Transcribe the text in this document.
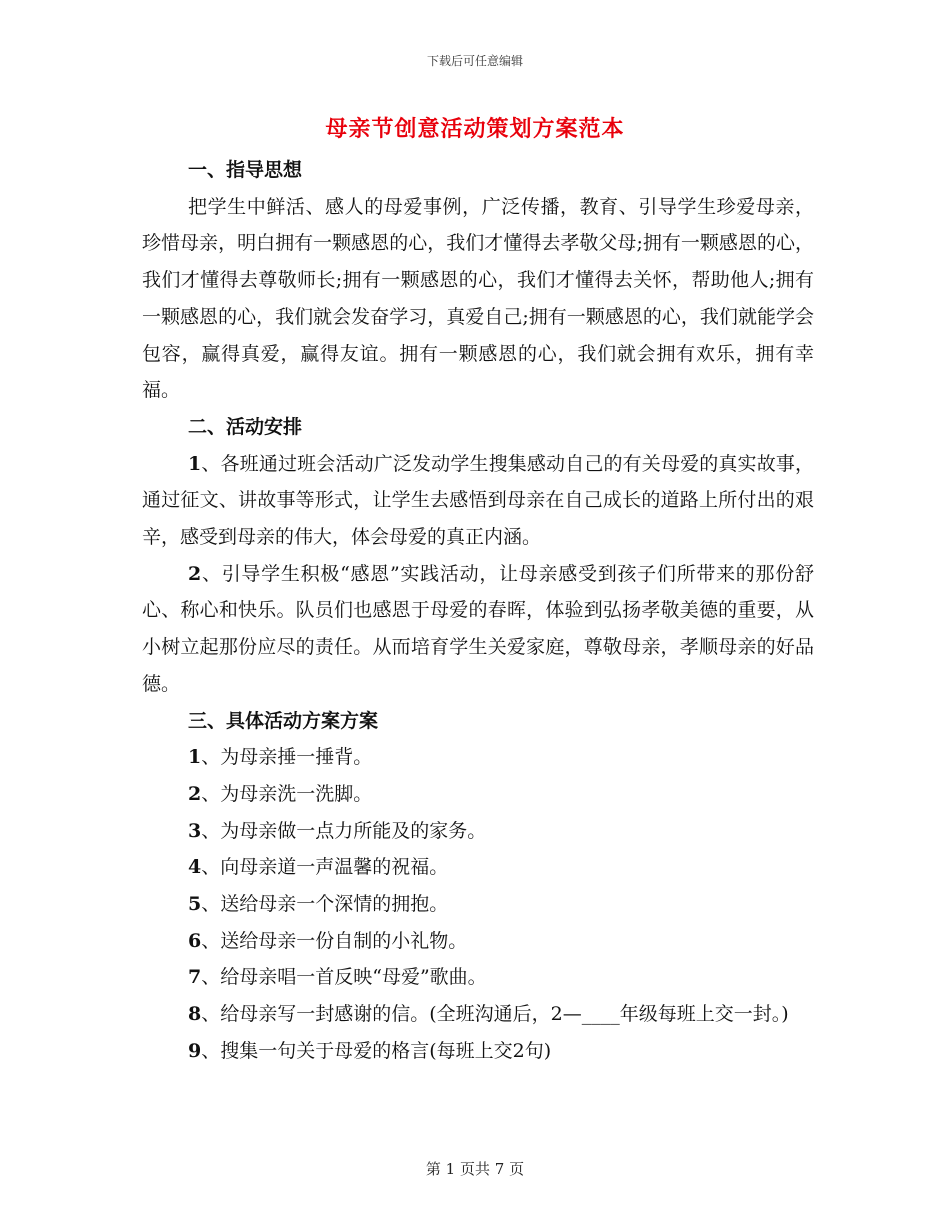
下载后可任意编辑
母亲节创意活动策划方案范本
一、指导思想

把学生中鲜活、感人的母爱事例，广泛传播，教育、引导学生珍爱母亲，珍惜母亲，明白拥有一颗感恩的心，我们才懂得去孝敬父母;拥有一颗感恩的心，我们才懂得去尊敬师长;拥有一颗感恩的心，我们才懂得去关怀，帮助他人;拥有一颗感恩的心，我们就会发奋学习，真爱自己;拥有一颗感恩的心，我们就能学会包容，赢得真爱，赢得友谊。拥有一颗感恩的心，我们就会拥有欢乐，拥有幸福。

二、活动安排

1、各班通过班会活动广泛发动学生搜集感动自己的有关母爱的真实故事，通过征文、讲故事等形式，让学生去感悟到母亲在自己成长的道路上所付出的艰辛，感受到母亲的伟大，体会母爱的真正内涵。

2、引导学生积极“感恩”实践活动，让母亲感受到孩子们所带来的那份舒心、称心和快乐。队员们也感恩于母爱的春晖，体验到弘扬孝敬美德的重要，从小树立起那份应尽的责任。从而培育学生关爱家庭，尊敬母亲，孝顺母亲的好品德。

三、具体活动方案方案
1、为母亲捶一捶背。
2、为母亲洗一洗脚。
3、为母亲做一点力所能及的家务。
4、向母亲道一声温馨的祝福。
5、送给母亲一个深情的拥抱。
6、送给母亲一份自制的小礼物。
7、给母亲唱一首反映“母爱”歌曲。

8、给母亲写一封感谢的信。(全班沟通后，2—____年级每班上交一封。)

9、搜集一句关于母爱的格言(每班上交2句)
第 1 页共 7 页
